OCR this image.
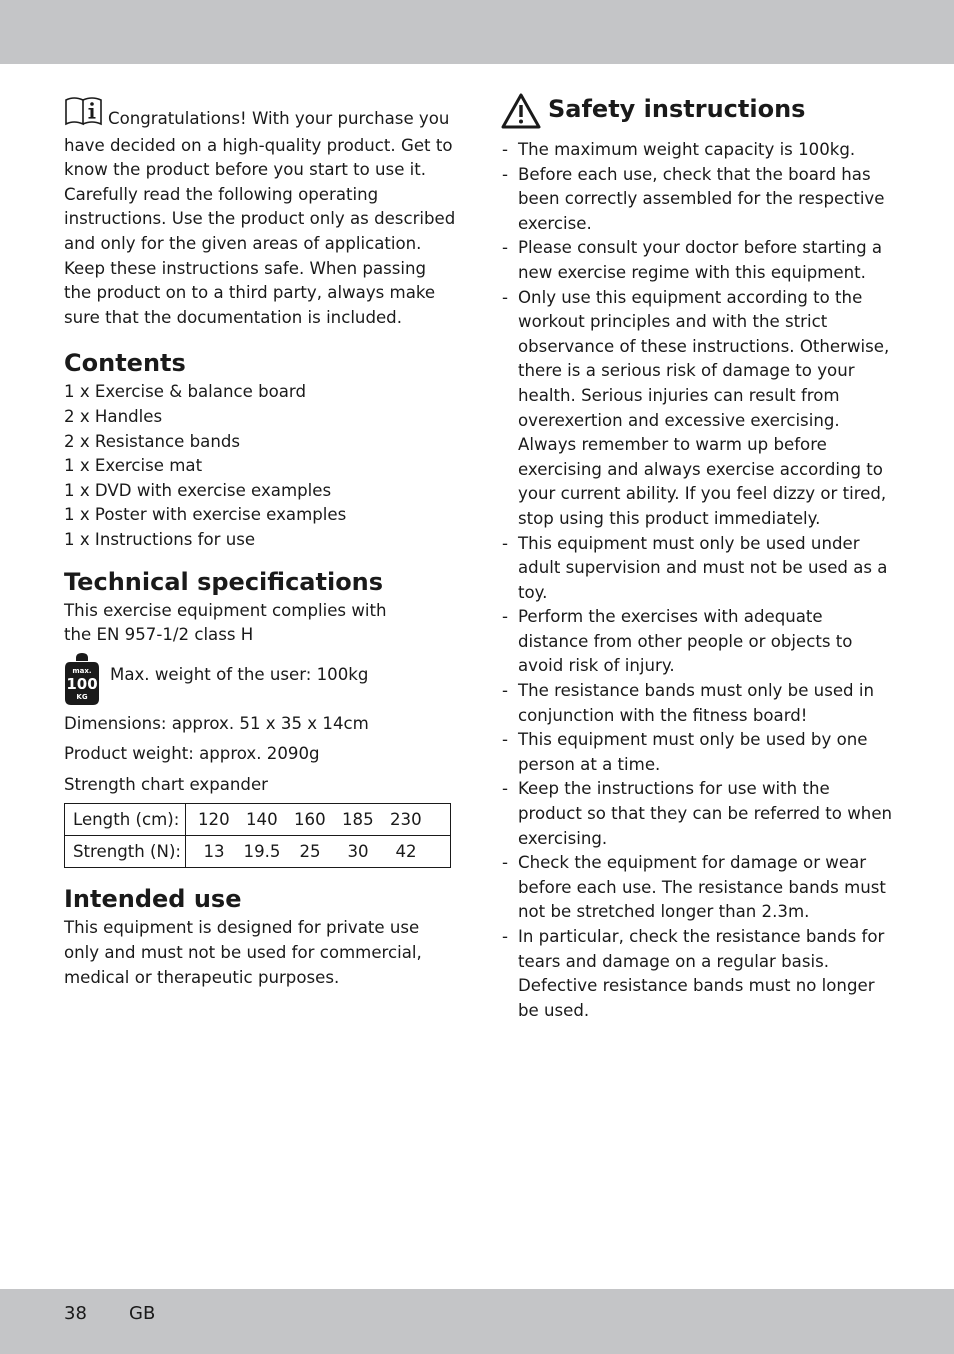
Congratulations! With your purchase you have decided on a high-quality product. Get to know the product before you start to use it. Carefully read the following operating instructions. Use the product only as described and only for the given areas of application.

Keep these instructions safe. When passing the product on to a third party, always make sure that the documentation is included.

Contents
1 x Exercise & balance board
2 x Handles
2 x Resistance bands
1 x Exercise mat
1 x DVD with exercise examples
1 x Poster with exercise examples
1 x Instructions for use
Technical specifications

This exercise equipment complies with the EN 957-1/2 class H

max.
100
KG
Max. weight of the user: 100kg

Dimensions: approx. 51 x 35 x 14cm

Product weight: approx. 2090g

Strength chart expander

Length (cm):	120 140 160 185 230
Strength (N):	13 19.5 25 30 42
Intended use

This equipment is designed for private use only and must not be used for commercial, medical or therapeutic purposes.

Safety instructions
- The maximum weight capacity is 100kg.
- Before each use, check that the board has been correctly assembled for the respective exercise.
- Please consult your doctor before starting a new exercise regime with this equipment.
- Only use this equipment according to the workout principles and with the strict observance of these instructions. Otherwise, there is a serious risk of damage to your health. Serious injuries can result from overexertion and excessive exercising. Always remember to warm up before exercising and always exercise according to your current ability. If you feel dizzy or tired, stop using this product immediately.
- This equipment must only be used under adult supervision and must not be used as a toy.
- Perform the exercises with adequate distance from other people or objects to avoid risk of injury.
- The resistance bands must only be used in conjunction with the fitness board!
- This equipment must only be used by one person at a time.
- Keep the instructions for use with the product so that they can be referred to when exercising.
- Check the equipment for damage or wear before each use. The resistance bands must not be stretched longer than 2.3m.
- In particular, check the resistance bands for tears and damage on a regular basis. Defective resistance bands must no longer be used.
38 GB
